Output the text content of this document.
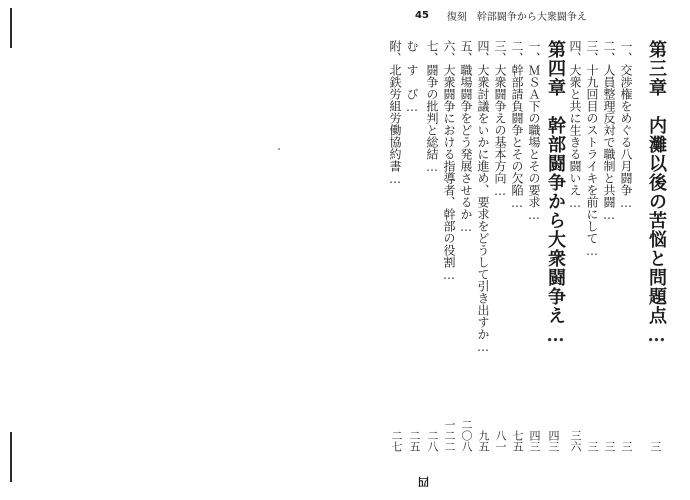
45 復刻　幹部闘争から大衆闘争え
第三章　内灘以後の苦悩と問題点…
三
一、交渉権をめぐる八月闘争…
三
二、人員整理反対で職制と共闘…
三
三、十九回目のストライキを前にして…
三
四、大衆と共に生きる闘いえ…
三六
第四章　幹部闘争から大衆闘争え…
四三
一、ＭＳＡ下の職場とその要求…
四三
二、幹部請負闘争とその欠陥…
七五
三、大衆闘争えの基本方向…
八一
四、大衆討議をいかに進め、要求をどうして引き出すか…
九五
五、職場闘争をどう発展させるか…
二〇八
六、大衆闘争における指導者、幹部の役割…
一二二
七、闘争の批判と総結…
二八
む　す　び…
二五
附、北鉄労組労働協約書…
二七
四
